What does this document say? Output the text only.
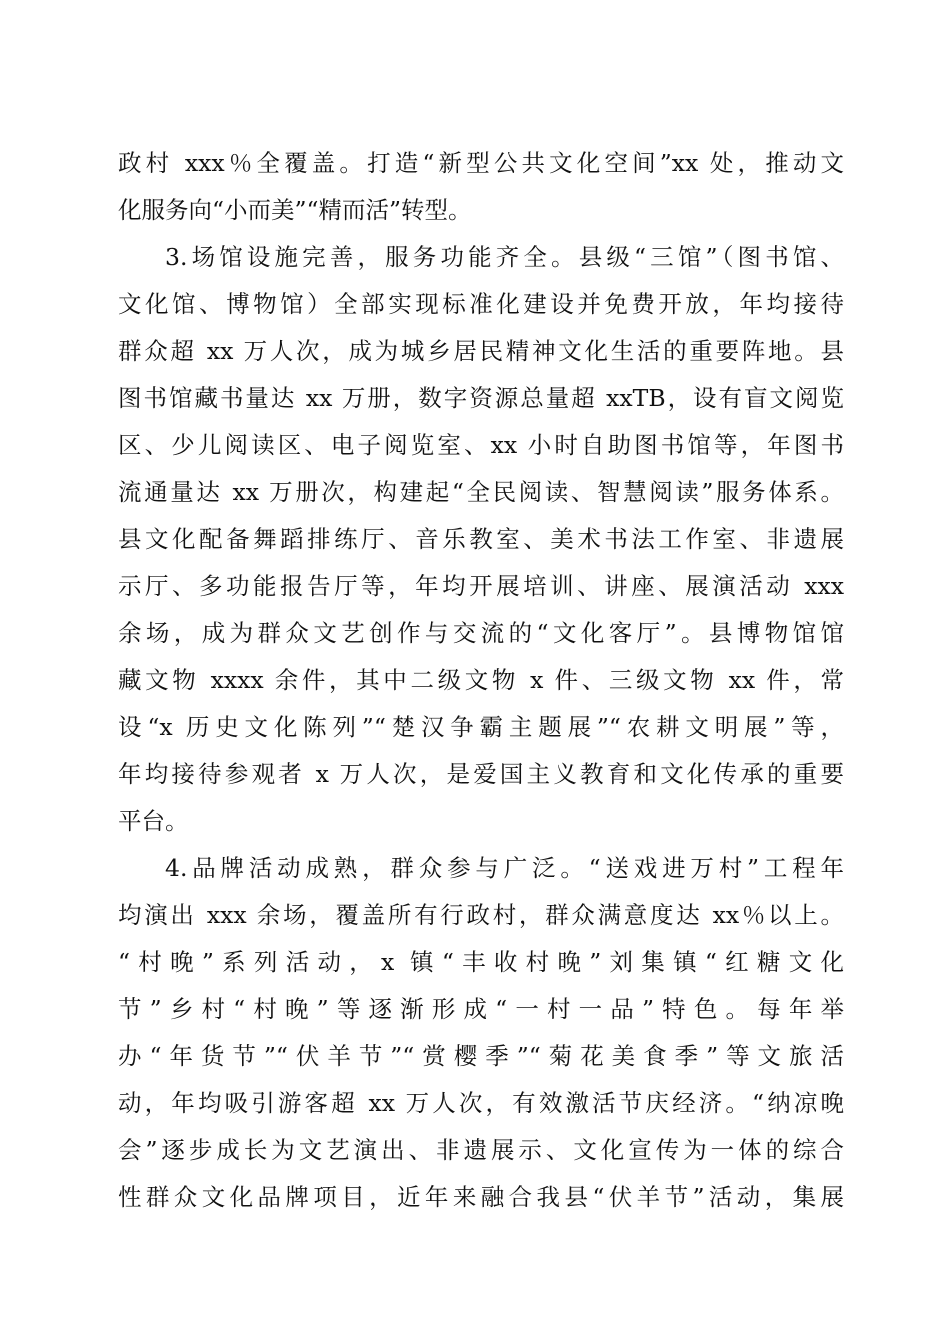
政村 xxx％全覆盖。打造“新型公共文化空间”xx 处，推动文
化服务向“小而美”“精而活”转型。
3.场馆设施完善，服务功能齐全。县级“三馆”（图书馆、
文化馆、博物馆）全部实现标准化建设并免费开放，年均接待
群众超 xx 万人次，成为城乡居民精神文化生活的重要阵地。县
图书馆藏书量达 xx 万册，数字资源总量超 xxTB，设有盲文阅览
区、少儿阅读区、电子阅览室、xx 小时自助图书馆等，年图书
流通量达 xx 万册次，构建起“全民阅读、智慧阅读”服务体系。
县文化配备舞蹈排练厅、音乐教室、美术书法工作室、非遗展
示厅、多功能报告厅等，年均开展培训、讲座、展演活动 xxx
余场，成为群众文艺创作与交流的“文化客厅”。县博物馆馆
藏文物 xxxx 余件，其中二级文物 x 件、三级文物 xx 件，常
设“x 历史文化陈列”“楚汉争霸主题展”“农耕文明展”等，
年均接待参观者 x 万人次，是爱国主义教育和文化传承的重要
平台。
4.品牌活动成熟，群众参与广泛。“送戏进万村”工程年
均演出 xxx 余场，覆盖所有行政村，群众满意度达 xx％以上。
“村晚”系列活动，x 镇“丰收村晚”刘集镇“红糖文化
节”乡村“村晚”等逐渐形成“一村一品”特色。每年举
办“年货节”“伏羊节”“赏樱季”“菊花美食季”等文旅活
动，年均吸引游客超 xx 万人次，有效激活节庆经济。“纳凉晚
会”逐步成长为文艺演出、非遗展示、文化宣传为一体的综合
性群众文化品牌项目，近年来融合我县“伏羊节”活动，集展
